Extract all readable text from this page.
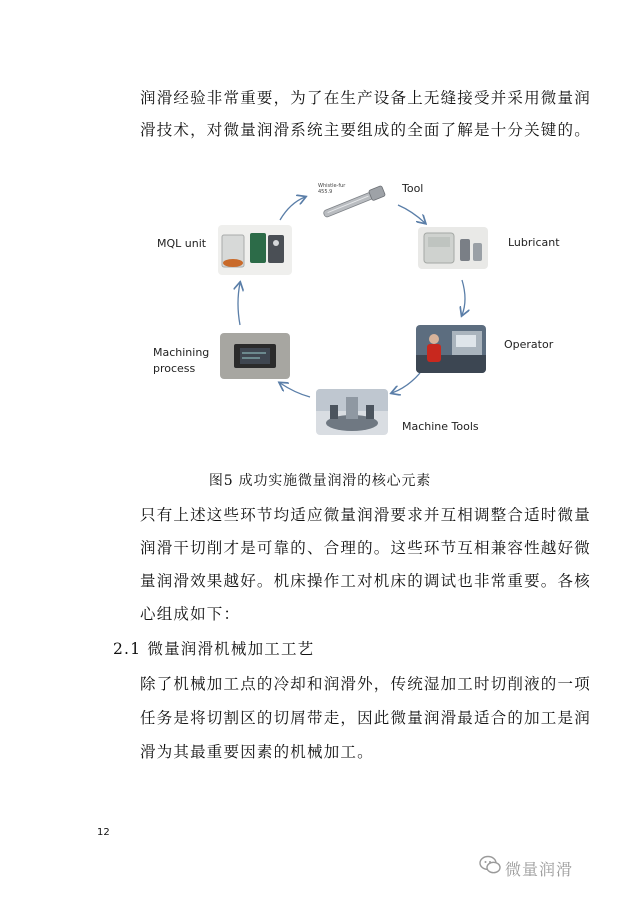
润滑经验非常重要，为了在生产设备上无缝接受并采用微量润
滑技术，对微量润滑系统主要组成的全面了解是十分关键的。
Whistle-fur
455.9	Tool
Lubricant
Operator
Machine Tools
Machining
process
MQL unit
图5 成功实施微量润滑的核心元素
只有上述这些环节均适应微量润滑要求并互相调整合适时微量
润滑干切削才是可靠的、合理的。这些环节互相兼容性越好微
量润滑效果越好。机床操作工对机床的调试也非常重要。各核
心组成如下：
2.1 微量润滑机械加工工艺
除了机械加工点的冷却和润滑外，传统湿加工时切削液的一项
任务是将切割区的切屑带走，因此微量润滑最适合的加工是润
滑为其最重要因素的机械加工。
12
微量润滑
